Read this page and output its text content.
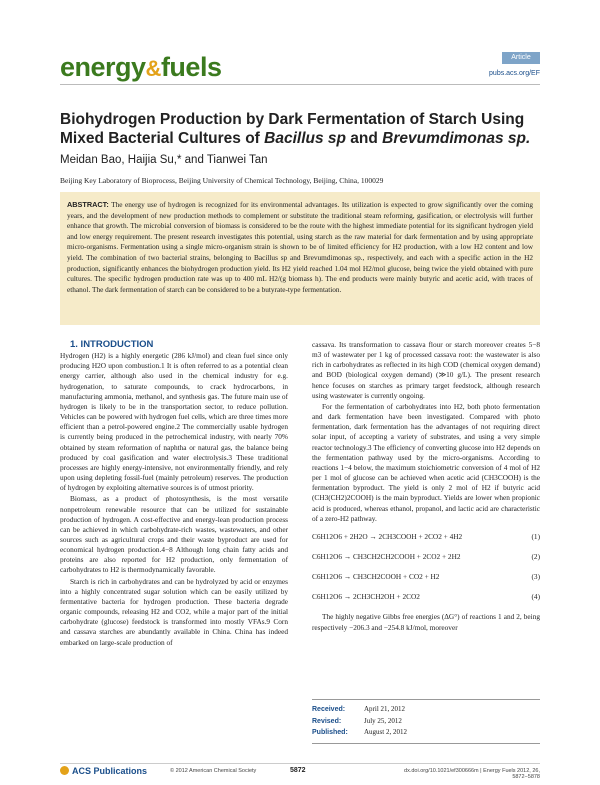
energy&fuels	Article
pubs.acs.org/EF
Biohydrogen Production by Dark Fermentation of Starch Using Mixed Bacterial Cultures of Bacillus sp and Brevumdimonas sp.
Meidan Bao, Haijia Su,* and Tianwei Tan
Beijing Key Laboratory of Bioprocess, Beijing University of Chemical Technology, Beijing, China, 100029
ABSTRACT: The energy use of hydrogen is recognized for its environmental advantages. Its utilization is expected to grow significantly over the coming years, and the development of new production methods to complement or substitute the traditional steam reforming, gasification, or electrolysis will further enhance that growth. The microbial conversion of biomass is considered to be the route with the highest immediate potential for its significant hydrogen yield and low energy requirement. The present research investigates this potential, using starch as the raw material for dark fermentation and by using appropriate micro-organisms. Fermentation using a single micro-organism strain is shown to be of limited efficiency for H2 production, with a low H2 content and low yield. The combination of two bacterial strains, belonging to Bacillus sp and Brevumdimonas sp., respectively, and each with a specific action in the H2 production, significantly enhances the biohydrogen production yield. Its H2 yield reached 1.04 mol H2/mol glucose, being twice the yield obtained with pure cultures. The specific hydrogen production rate was up to 400 mL H2/(g biomass h). The end products were mainly butyric and acetic acid, with traces of ethanol. The dark fermentation of starch can be considered to be a butyrate-type fermentation.

1. INTRODUCTION

Hydrogen (H2) is a highly energetic (286 kJ/mol) and clean fuel since only producing H2O upon combustion.1 It is often referred to as a potential clean energy carrier, although also used in the chemical industry for e.g. hydrogenation, to saturate compounds, to crack hydrocarbons, in manufacturing ammonia, methanol, and synthesis gas. The future main use of hydrogen is likely to be in the transportation sector, to reduce pollution. Vehicles can be powered with hydrogen fuel cells, which are three times more efficient than a petrol-powered engine.2 The commercially usable hydrogen is currently being produced in the petrochemical industry, with nearly 70% obtained by steam reformation of naphtha or natural gas, the balance being produced by coal gasification and water electrolysis.3 These traditional processes are highly energy-intensive, not environmentally friendly, and rely upon using depleting fossil-fuel (mainly petroleum) reserves. The production of hydrogen by exploiting alternative sources is of utmost priority.

Biomass, as a product of photosynthesis, is the most versatile nonpetroleum renewable resource that can be utilized for sustainable production of hydrogen. A cost-effective and energy-lean production process can be achieved in which carbohydrate-rich wastes, wastewaters, and other sources such as agricultural crops and their waste byproduct are used for economical hydrogen production.4−8 Although long chain fatty acids and proteins are also reported for H2 production, only fermentation of carbohydrates to H2 is thermodynamically favorable.

Starch is rich in carbohydrates and can be hydrolyzed by acid or enzymes into a highly concentrated sugar solution which can be easily utilized by fermentative bacteria for hydrogen production. These bacteria degrade organic compounds, releasing H2 and CO2, while a major part of the initial carbohydrate (glucose) feedstock is transformed into mostly VFAs.9 Corn and cassava starches are abundantly available in China. China has indeed embarked on large-scale production of

cassava. Its transformation to cassava flour or starch moreover creates 5−8 m3 of wastewater per 1 kg of processed cassava root: the wastewater is also rich in carbohydrates as reflected in its high COD (chemical oxygen demand) and BOD (biological oxygen demand) (≫10 g/L). The present research hence focuses on starches as primary target feedstock, although research using wastewater is currently ongoing.

For the fermentation of carbohydrates into H2, both photo fermentation and dark fermentation have been investigated. Compared with photo fermentation, dark fermentation has the advantages of not requiring direct solar input, of accepting a variety of substrates, and using a very simple reactor technology.3 The efficiency of converting glucose into H2 depends on the fermentation pathway used by the micro-organisms. According to reactions 1−4 below, the maximum stoichiometric conversion of 4 mol of H2 per 1 mol of glucose can be achieved when acetic acid (CH3COOH) is the fermentation byproduct. The yield is only 2 mol of H2 if butyric acid (CH3(CH2)2COOH) is the main byproduct. Yields are lower when propionic acid is produced, whereas ethanol, propanol, and lactic acid are characteristic of a zero-H2 pathway.

C6H12O6 + 2H2O → 2CH3COOH + 2CO2 + 4H2	(1)
C6H12O6 → CH3CH2CH2COOH + 2CO2 + 2H2	(2)
C6H12O6 → CH3CH2COOH + CO2 + H2	(3)
C6H12O6 → 2CH3CH2OH + 2CO2	(4)

The highly negative Gibbs free energies (ΔG°) of reactions 1 and 2, being respectively −206.3 and −254.8 kJ/mol, moreover

Received:	April 21, 2012
Revised:	July 25, 2012
Published: August 2, 2012
ACS Publications	© 2012 American Chemical Society	5872	dx.doi.org/10.1021/ef300666m | Energy Fuels 2012, 26, 5872−5878
